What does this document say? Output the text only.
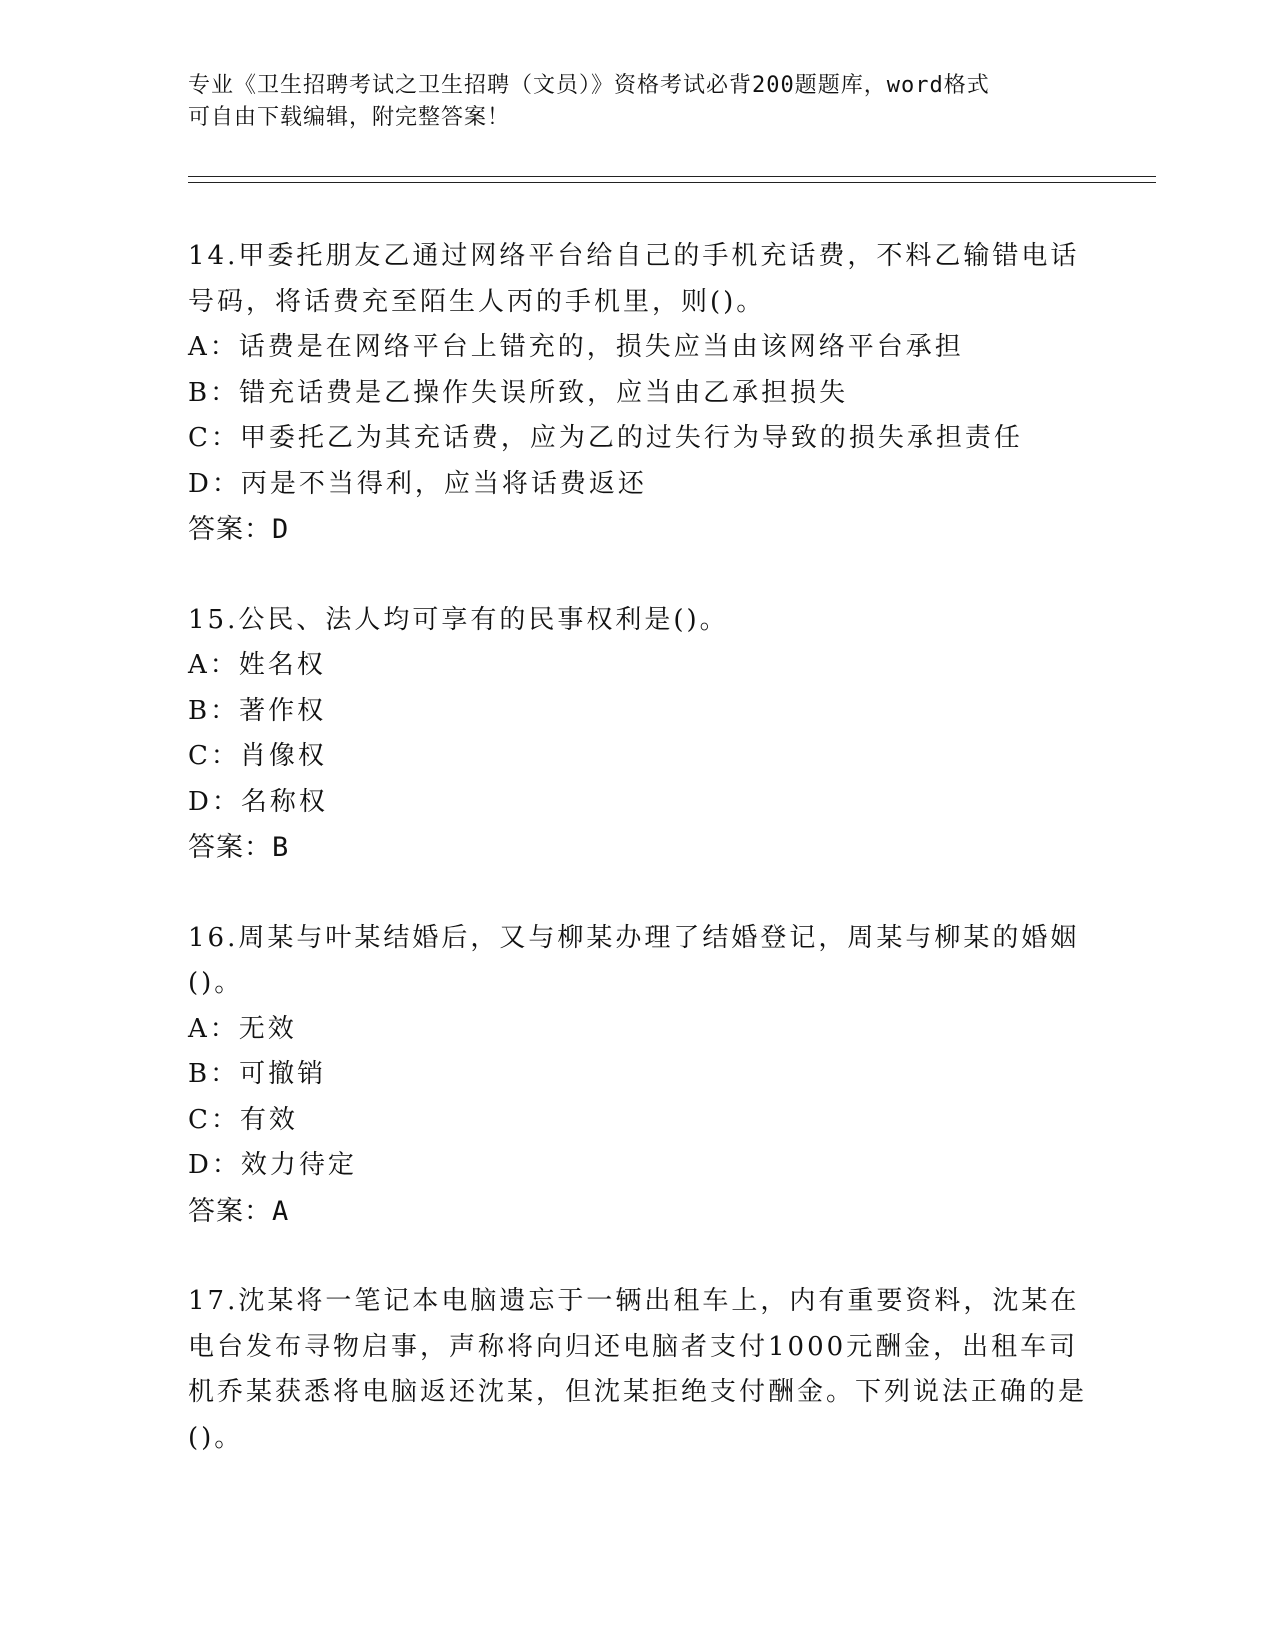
专业《卫生招聘考试之卫生招聘（文员）》资格考试必背200题题库，word格式
可自由下载编辑，附完整答案！
14.甲委托朋友乙通过网络平台给自己的手机充话费，不料乙输错电话号码，将话费充至陌生人丙的手机里，则()。
A：话费是在网络平台上错充的，损失应当由该网络平台承担
B：错充话费是乙操作失误所致，应当由乙承担损失
C：甲委托乙为其充话费，应为乙的过失行为导致的损失承担责任
D：丙是不当得利，应当将话费返还
答案：D
15.公民、法人均可享有的民事权利是()。
A：姓名权
B：著作权
C：肖像权
D：名称权
答案：B
16.周某与叶某结婚后，又与柳某办理了结婚登记，周某与柳某的婚姻()。
A：无效
B：可撤销
C：有效
D：效力待定
答案：A
17.沈某将一笔记本电脑遗忘于一辆出租车上，内有重要资料，沈某在电台发布寻物启事，声称将向归还电脑者支付1000元酬金，出租车司机乔某获悉将电脑返还沈某，但沈某拒绝支付酬金。下列说法正确的是()。
